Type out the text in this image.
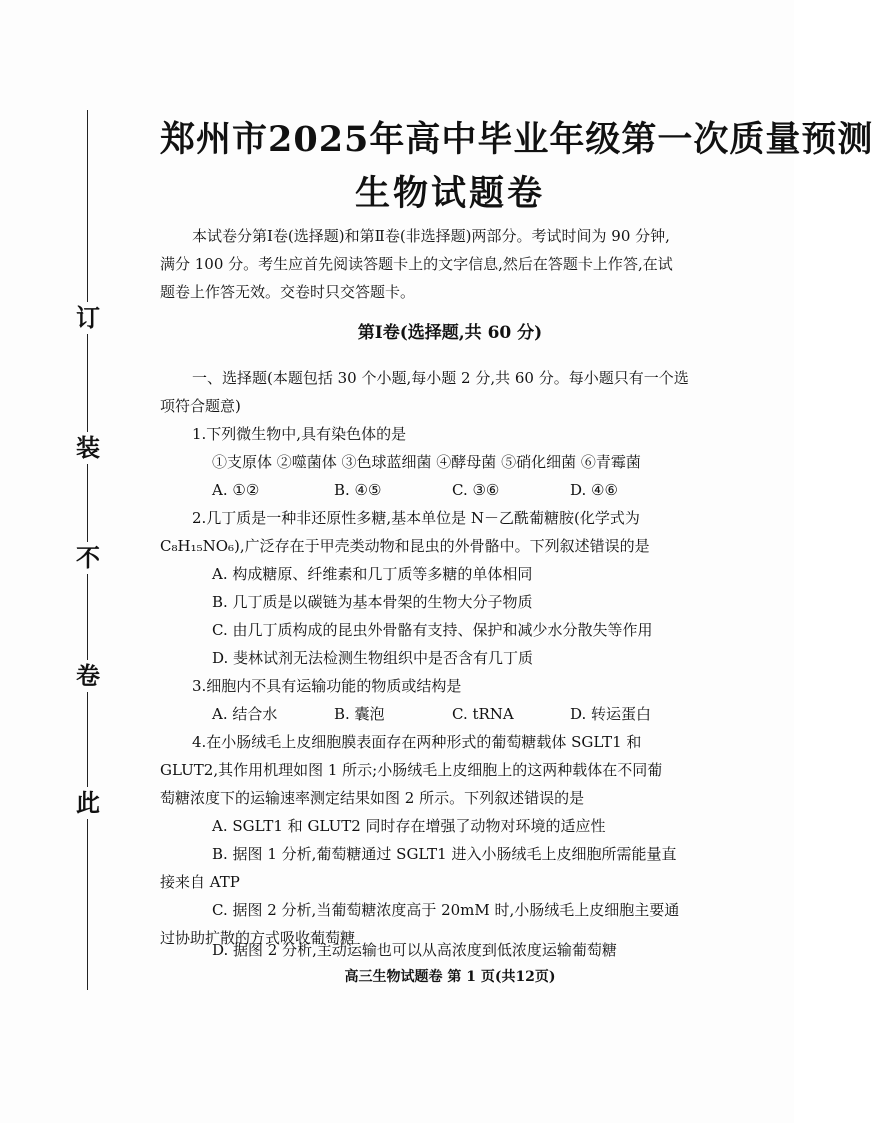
订
装
不
卷
此
郑州市2025年高中毕业年级第一次质量预测
生物试题卷
本试卷分第Ⅰ卷(选择题)和第Ⅱ卷(非选择题)两部分。考试时间为 90 分钟,
满分 100 分。考生应首先阅读答题卡上的文字信息,然后在答题卡上作答,在试
题卷上作答无效。交卷时只交答题卡。
第Ⅰ卷(选择题,共 60 分)
一、选择题(本题包括 30 个小题,每小题 2 分,共 60 分。每小题只有一个选
项符合题意)
1.下列微生物中,具有染色体的是
①支原体 ②噬菌体 ③色球蓝细菌 ④酵母菌 ⑤硝化细菌 ⑥青霉菌
A. ①②	B. ④⑤	C. ③⑥	D. ④⑥
2.几丁质是一种非还原性多糖,基本单位是 N－乙酰葡糖胺(化学式为
C₈H₁₅NO₆),广泛存在于甲壳类动物和昆虫的外骨骼中。下列叙述错误的是
A. 构成糖原、纤维素和几丁质等多糖的单体相同
B. 几丁质是以碳链为基本骨架的生物大分子物质
C. 由几丁质构成的昆虫外骨骼有支持、保护和减少水分散失等作用
D. 斐林试剂无法检测生物组织中是否含有几丁质
3.细胞内不具有运输功能的物质或结构是
A. 结合水	B. 囊泡	C. tRNA	D. 转运蛋白
4.在小肠绒毛上皮细胞膜表面存在两种形式的葡萄糖载体 SGLT1 和
GLUT2,其作用机理如图 1 所示;小肠绒毛上皮细胞上的这两种载体在不同葡
萄糖浓度下的运输速率测定结果如图 2 所示。下列叙述错误的是
A. SGLT1 和 GLUT2 同时存在增强了动物对环境的适应性
B. 据图 1 分析,葡萄糖通过 SGLT1 进入小肠绒毛上皮细胞所需能量直
接来自 ATP
C. 据图 2 分析,当葡萄糖浓度高于 20mM 时,小肠绒毛上皮细胞主要通
过协助扩散的方式吸收葡萄糖
D. 据图 2 分析,主动运输也可以从高浓度到低浓度运输葡萄糖
高三生物试题卷 第 1 页(共12页)
